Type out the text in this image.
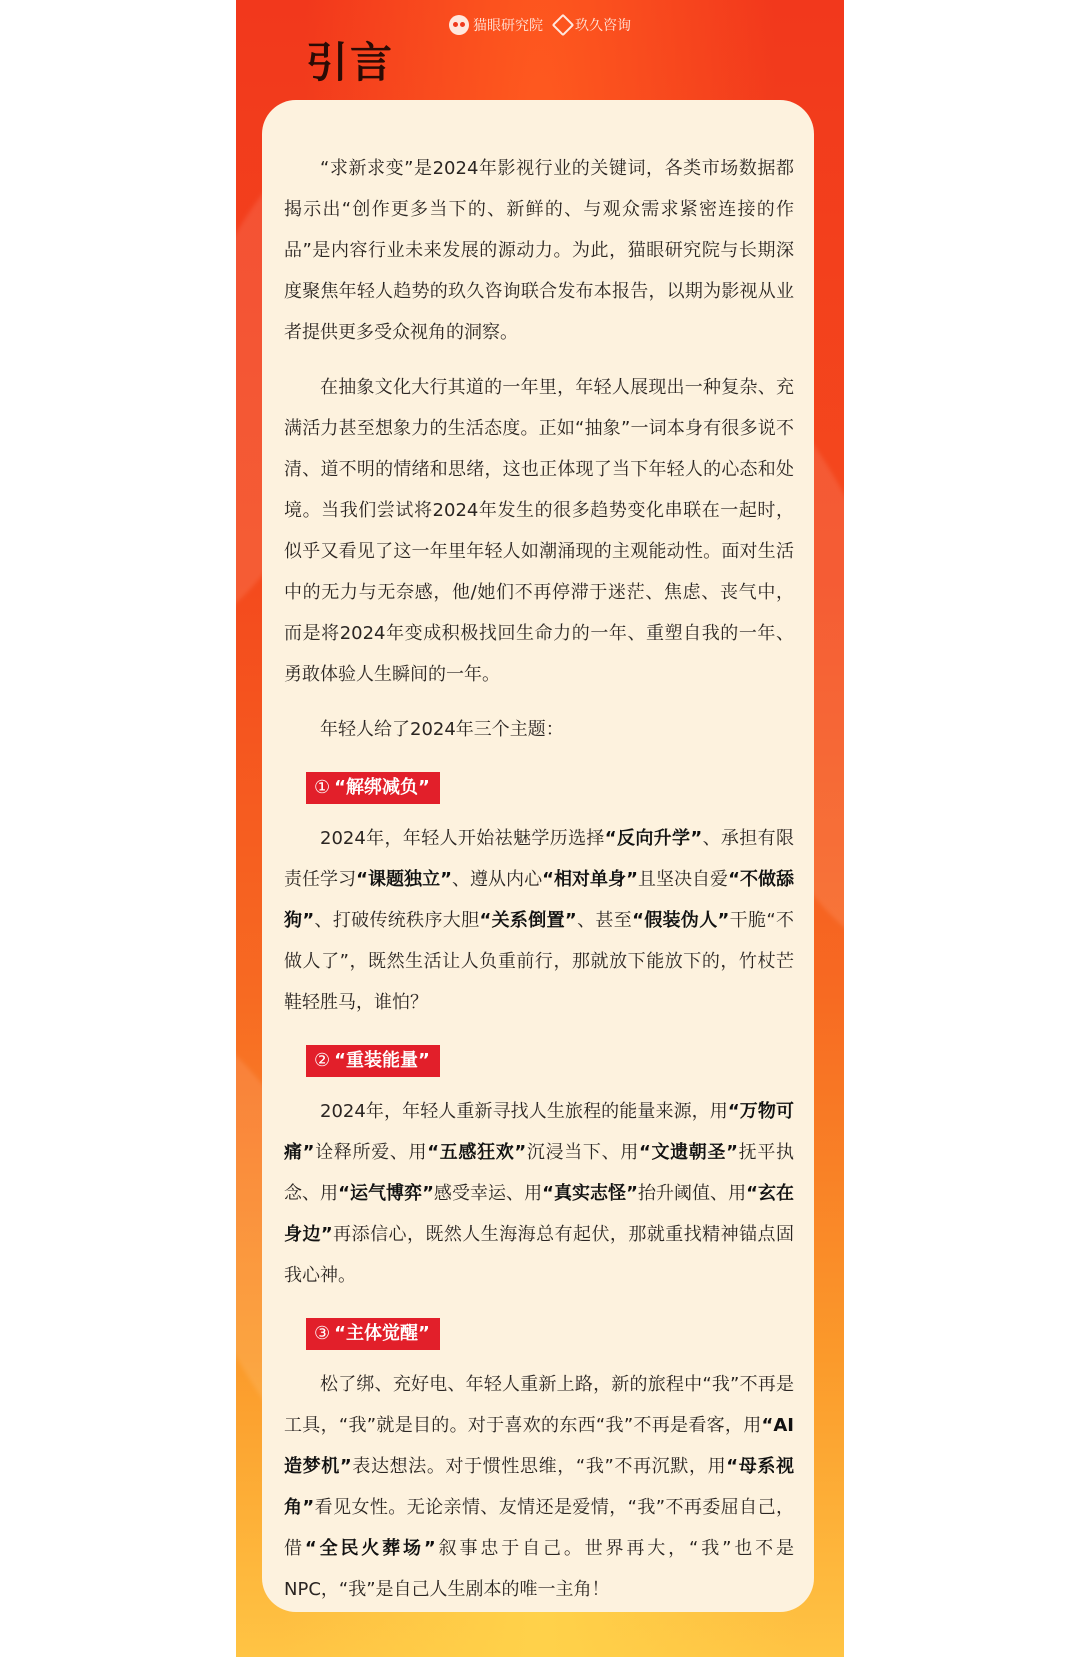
猫眼研究院 玖久咨询
引言

“求新求变”是2024年影视行业的关键词，各类市场数据都揭示出“创作更多当下的、新鲜的、与观众需求紧密连接的作品”是内容行业未来发展的源动力。为此，猫眼研究院与长期深度聚焦年轻人趋势的玖久咨询联合发布本报告，以期为影视从业者提供更多受众视角的洞察。

在抽象文化大行其道的一年里，年轻人展现出一种复杂、充满活力甚至想象力的生活态度。正如“抽象”一词本身有很多说不清、道不明的情绪和思绪，这也正体现了当下年轻人的心态和处境。当我们尝试将2024年发生的很多趋势变化串联在一起时，似乎又看见了这一年里年轻人如潮涌现的主观能动性。面对生活中的无力与无奈感，他/她们不再停滞于迷茫、焦虑、丧气中，而是将2024年变成积极找回生命力的一年、重塑自我的一年、勇敢体验人生瞬间的一年。

年轻人给了2024年三个主题：

① “解绑减负”

2024年，年轻人开始祛魅学历选择“反向升学”、承担有限责任学习“课题独立”、遵从内心“相对单身”且坚决自爱“不做舔狗”、打破传统秩序大胆“关系倒置”、甚至“假装伪人”干脆“不做人了”，既然生活让人负重前行，那就放下能放下的，竹杖芒鞋轻胜马，谁怕？

② “重装能量”

2024年，年轻人重新寻找人生旅程的能量来源，用“万物可痛”诠释所爱、用“五感狂欢”沉浸当下、用“文遗朝圣”抚平执念、用“运气博弈”感受幸运、用“真实志怪”抬升阈值、用“玄在身边”再添信心，既然人生海海总有起伏，那就重找精神锚点固我心神。

③ “主体觉醒”

松了绑、充好电、年轻人重新上路，新的旅程中“我”不再是工具，“我”就是目的。对于喜欢的东西“我”不再是看客，用“AI造梦机”表达想法。对于惯性思维，“我”不再沉默，用“母系视角”看见女性。无论亲情、友情还是爱情，“我”不再委屈自己，借“全民火葬场”叙事忠于自己。世界再大，“我”也不是NPC，“我”是自己人生剧本的唯一主角！
